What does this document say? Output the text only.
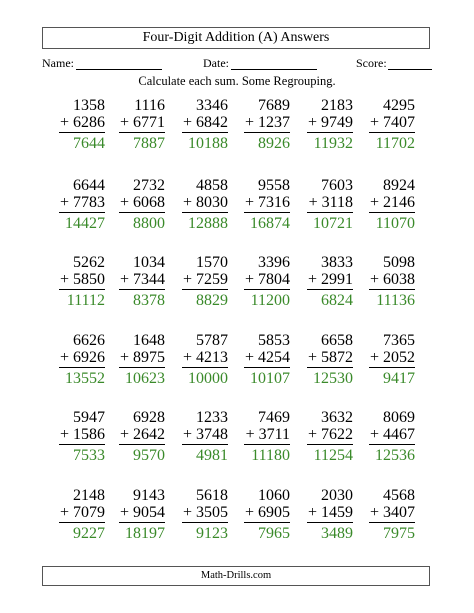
Four-Digit Addition (A) Answers
Name:	Date:	Score:
Calculate each sum. Some Regrouping.
1358
+ 6286
7644
1116
+ 6771
7887
3346
+ 6842
10188
7689
+ 1237
8926
2183
+ 9749
11932
4295
+ 7407
11702
6644
+ 7783
14427
2732
+ 6068
8800
4858
+ 8030
12888
9558
+ 7316
16874
7603
+ 3118
10721
8924
+ 2146
11070
5262
+ 5850
11112
1034
+ 7344
8378
1570
+ 7259
8829
3396
+ 7804
11200
3833
+ 2991
6824
5098
+ 6038
11136
6626
+ 6926
13552
1648
+ 8975
10623
5787
+ 4213
10000
5853
+ 4254
10107
6658
+ 5872
12530
7365
+ 2052
9417
5947
+ 1586
7533
6928
+ 2642
9570
1233
+ 3748
4981
7469
+ 3711
11180
3632
+ 7622
11254
8069
+ 4467
12536
2148
+ 7079
9227
9143
+ 9054
18197
5618
+ 3505
9123
1060
+ 6905
7965
2030
+ 1459
3489
4568
+ 3407
7975
Math-Drills.com
